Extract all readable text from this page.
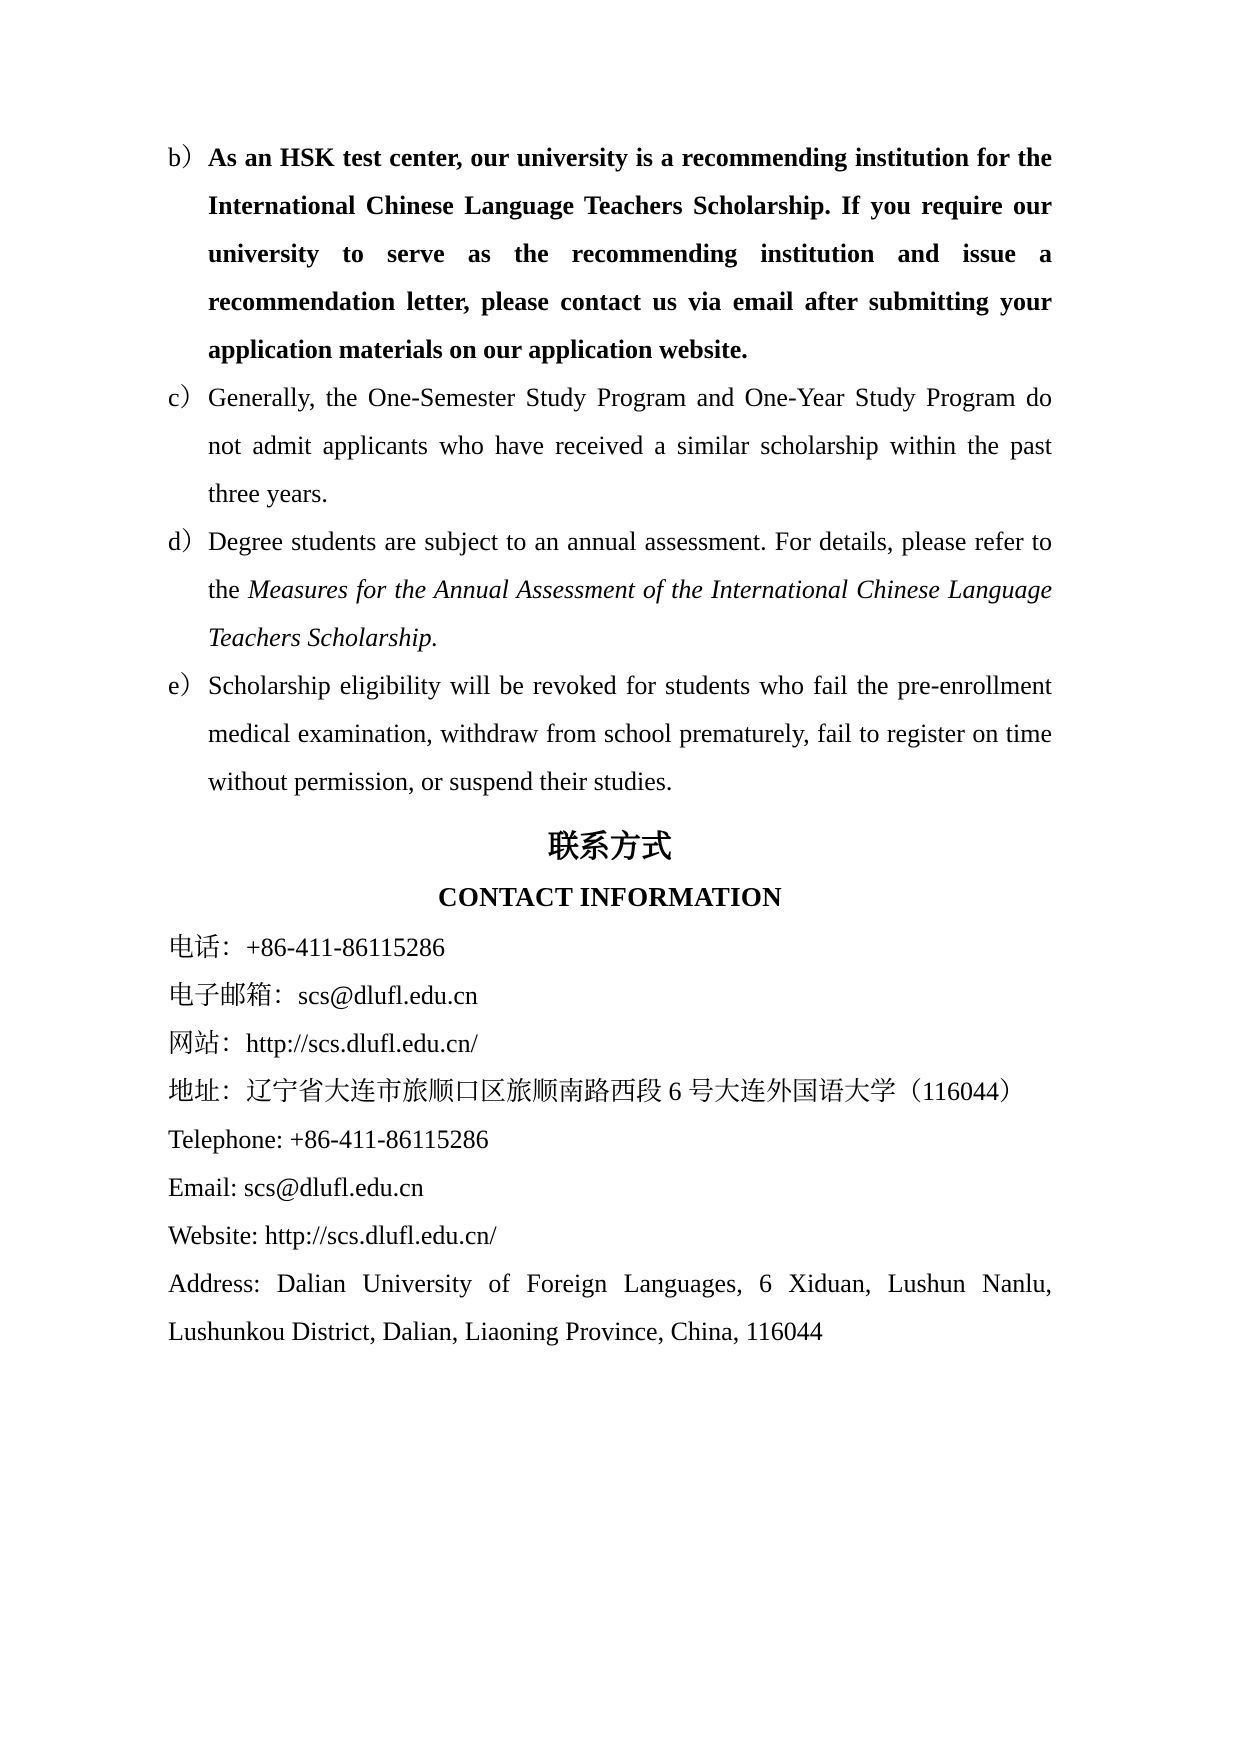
b）As an HSK test center, our university is a recommending institution for the International Chinese Language Teachers Scholarship. If you require our university to serve as the recommending institution and issue a recommendation letter, please contact us via email after submitting your application materials on our application website.

c）Generally, the One-Semester Study Program and One-Year Study Program do not admit applicants who have received a similar scholarship within the past three years.

d）Degree students are subject to an annual assessment. For details, please refer to the Measures for the Annual Assessment of the International Chinese Language Teachers Scholarship.

e）Scholarship eligibility will be revoked for students who fail the pre-enrollment medical examination, withdraw from school prematurely, fail to register on time without permission, or suspend their studies.

联系方式
CONTACT INFORMATION

电话：+86-411-86115286

电子邮箱：scs@dlufl.edu.cn

网站：http://scs.dlufl.edu.cn/

地址：辽宁省大连市旅顺口区旅顺南路西段 6 号大连外国语大学（116044）

Telephone: +86-411-86115286

Email: scs@dlufl.edu.cn

Website: http://scs.dlufl.edu.cn/

Address: Dalian University of Foreign Languages, 6 Xiduan, Lushun Nanlu, Lushunkou District, Dalian, Liaoning Province, China, 116044
